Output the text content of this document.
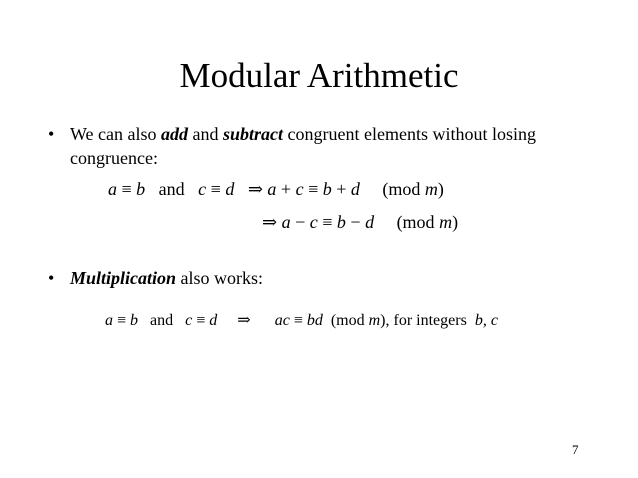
Modular Arithmetic
• We can also add and subtract congruent elements without losing congruence:
a ≡ b   and   c ≡ d   ⇒ a + c ≡ b + d     (mod m)
⇒ a − c ≡ b − d     (mod m)
• Multiplication also works:
a ≡ b   and   c ≡ d     ⇒      ac ≡ bd  (mod m), for integers  b, c
7
